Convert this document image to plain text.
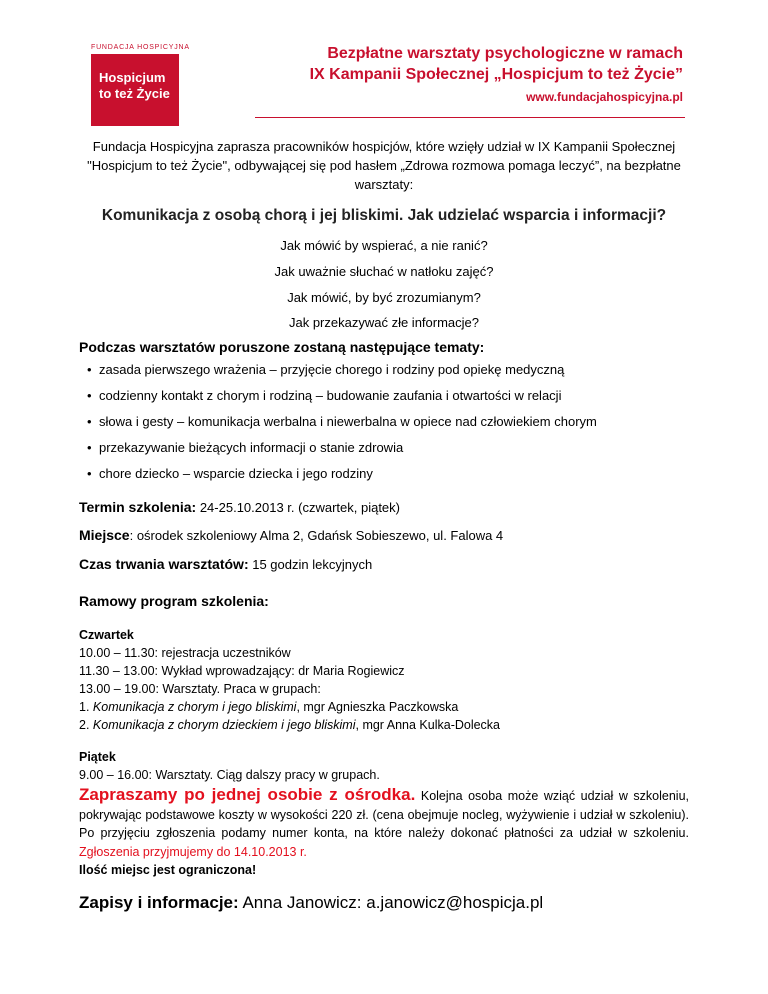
FUNDACJA HOSPICYJNA
Hospicjum
to też Życie
Bezpłatne warsztaty psychologiczne w ramach
IX Kampanii Społecznej „Hospicjum to też Życie”
www.fundacjahospicyjna.pl
Fundacja Hospicyjna zaprasza pracowników hospicjów, które wzięły udział w IX Kampanii Społecznej "Hospicjum to też Życie", odbywającej się pod hasłem „Zdrowa rozmowa pomaga leczyć”, na bezpłatne warsztaty:
Komunikacja z osobą chorą i jej bliskimi. Jak udzielać wsparcia i informacji?
Jak mówić by wspierać, a nie ranić?
Jak uważnie słuchać w natłoku zajęć?
Jak mówić, by być zrozumianym?
Jak przekazywać złe informacje?
Podczas warsztatów poruszone zostaną następujące tematy:
• zasada pierwszego wrażenia – przyjęcie chorego i rodziny pod opiekę medyczną
• codzienny kontakt z chorym i rodziną – budowanie zaufania i otwartości w relacji
• słowa i gesty – komunikacja werbalna i niewerbalna w opiece nad człowiekiem chorym
• przekazywanie bieżących informacji o stanie zdrowia
• chore dziecko – wsparcie dziecka i jego rodziny
Termin szkolenia: 24-25.10.2013 r. (czwartek, piątek)
Miejsce: ośrodek szkoleniowy Alma 2, Gdańsk Sobieszewo, ul. Falowa 4
Czas trwania warsztatów: 15 godzin lekcyjnych
Ramowy program szkolenia:
Czwartek
10.00 – 11.30: rejestracja uczestników
11.30 – 13.00: Wykład wprowadzający: dr Maria Rogiewicz
13.00 – 19.00: Warsztaty. Praca w grupach:
1. Komunikacja z chorym i jego bliskimi, mgr Agnieszka Paczkowska
2. Komunikacja z chorym dzieckiem i jego bliskimi, mgr Anna Kulka-Dolecka
Piątek
9.00 – 16.00: Warsztaty. Ciąg dalszy pracy w grupach.
Zapraszamy po jednej osobie z ośrodka. Kolejna osoba może wziąć udział w szkoleniu, pokrywając podstawowe koszty w wysokości 220 zł. (cena obejmuje nocleg, wyżywienie i udział w szkoleniu). Po przyjęciu zgłoszenia podamy numer konta, na które należy dokonać płatności za udział w szkoleniu. Zgłoszenia przyjmujemy do 14.10.2013 r.
Ilość miejsc jest ograniczona!
Zapisy i informacje: Anna Janowicz: a.janowicz@hospicja.pl
